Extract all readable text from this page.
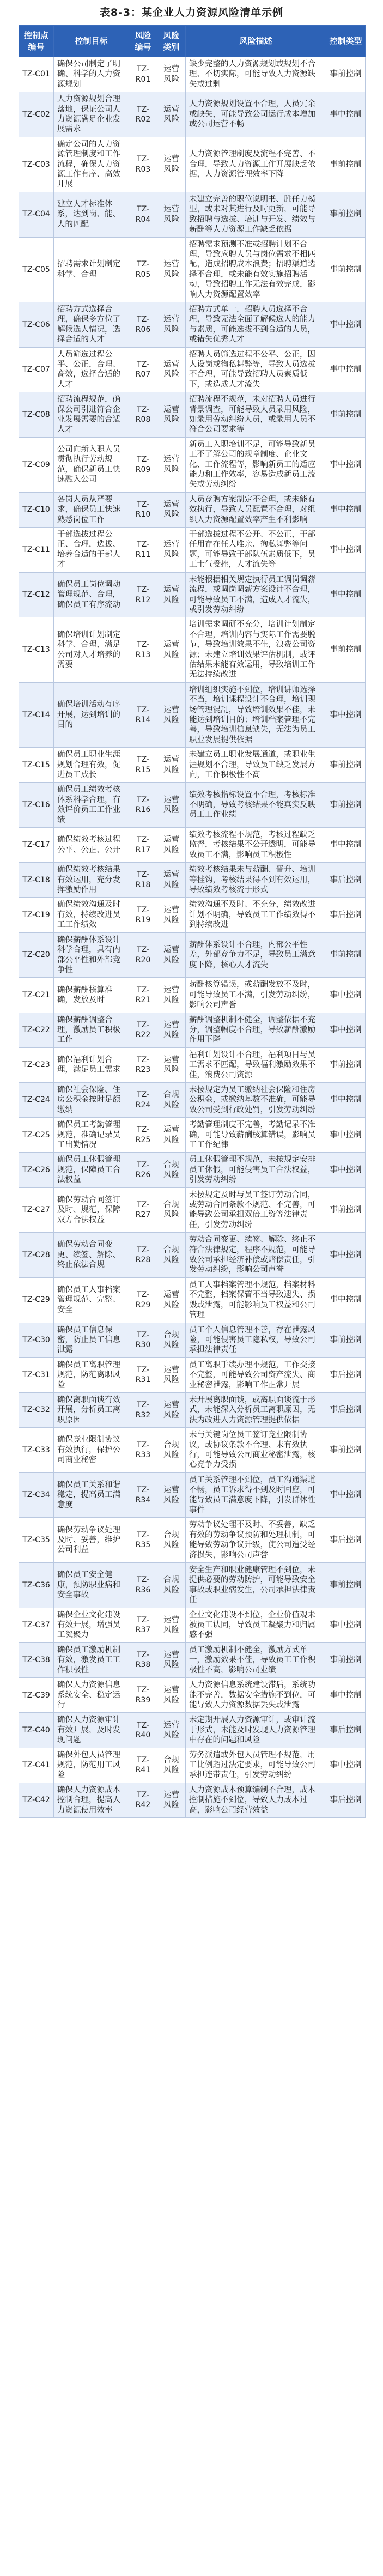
表8-3：某企业人力资源风险清单示例
控制点编号	控制目标	风险编号	风险类别	风险描述	控制类型
TZ-C01	确保公司制定了明确、科学的人力资源规划	TZ-R01	运营风险	缺少完整的人力资源规划或规划不合理、不切实际，可能导致人力资源缺失或过剩	事前控制
TZ-C02	人力资源规划合理落地，保证公司人力资源满足企业发展需求	TZ-R02	运营风险	人力资源规划设置不合理，人员冗余或缺失，可能导致公司运行成本增加或公司运营不畅	事中控制
TZ-C03	确定公司的人力资源管理制度和工作流程，确保人力资源工作有序、高效开展	TZ-R03	运营风险	人力资源管理制度及流程不完善、不合理，导致人力资源工作开展缺乏依据，人力资源管理效率下降	事前控制
TZ-C04	建立人才标准体系，达到岗、能、人的匹配	TZ-R04	运营风险	未建立完善的职位说明书、胜任力模型，或未对其进行及时更新，可能导致招聘与选拔、培训与开发、绩效与薪酬等人力资源工作缺乏依据	事前控制
TZ-C05	招聘需求计划制定科学、合理	TZ-R05	运营风险	招聘需求预测不准或招聘计划不合理，导致应聘人员与岗位需求不相匹配，造成招聘成本浪费；招聘渠道选择不合理，或未能有效实施招聘活动，导致招聘工作无法有效完成，影响人力资源配置效率	事前控制
TZ-C06	招聘方式选择合理，确保多方位了解候选人情况，选择合适的人才	TZ-R06	运营风险	招聘方式单一，招聘人员选择不合理，导致无法全面了解候选人的能力与素质，可能选拔不到合适的人员，或错失优秀人才	事中控制
TZ-C07	人员筛选过程公平、公正，合理、高效，选择合适的人才	TZ-R07	运营风险	招聘人员筛选过程不公平、公正，因人设岗或徇私舞弊等，导致人员选拔不合理，可能导致招聘人员素质低下，或造成人才流失	事中控制
TZ-C08	招聘流程规范，确保公司引进符合企业发展需要的合适人才	TZ-R08	运营风险	招聘流程不规范，未对招聘人员进行背景调查，可能导致人员录用风险，如录用劳动纠纷人员，或录用人员不符合公司要求等	事前控制
TZ-C09	公司向新入职人员贯彻执行劳动规范，确保新员工快速融入公司	TZ-R09	运营风险	新员工入职培训不足，可能导致新员工不了解公司的规章制度、企业文化、工作流程等，影响新员工的适应能力和工作效率，容易造成新员工流失或劳动纠纷	事中控制
TZ-C10	各岗人员从严要求，确保员工快速熟悉岗位工作	TZ-R10	运营风险	人员竞聘方案制定不合理，或未能有效执行，导致人员配置不合理，对组织人力资源配置效率产生不利影响	事中控制
TZ-C11	干部选拔过程公正、合理，选拔、培养合适的干部人才	TZ-R11	运营风险	干部选拔过程不公开、不公正，干部任用存在任人唯亲、徇私舞弊等问题，可能导致干部队伍素质低下，员工士气受挫，人才流失等	事中控制
TZ-C12	确保员工岗位调动管理规范、合理，确保员工有序流动	TZ-R12	运营风险	未能根据相关规定执行员工调岗调薪流程，或调岗调薪方案设计不合理，可能导致员工不满，造成人才流失，或引发劳动纠纷	事中控制
TZ-C13	确保培训计划制定科学、合理，满足公司对人才培养的需要	TZ-R13	运营风险	培训需求调研不充分，培训计划制定不合理，培训内容与实际工作需要脱节，导致培训效果不佳，浪费公司资源；未建立培训效果评估机制，或评估结果未能有效运用，导致培训工作无法持续改进	事前控制
TZ-C14	确保培训活动有序开展，达到培训的目的	TZ-R14	运营风险	培训组织实施不到位，培训讲师选择不当，培训课程设计不合理，培训现场管理混乱，导致培训效果不佳，未能达到培训目的；培训档案管理不完善，导致培训信息缺失，无法为员工职业发展提供依据	事中控制
TZ-C15	确保员工职业生涯规划合理有效，促进员工成长	TZ-R15	运营风险	未建立员工职业发展通道，或职业生涯规划不合理，导致员工缺乏发展方向，工作积极性不高	事前控制
TZ-C16	确保员工绩效考核体系科学合理，有效评价员工工作业绩	TZ-R16	运营风险	绩效考核指标设置不合理，考核标准不明确，导致考核结果不能真实反映员工工作业绩	事前控制
TZ-C17	确保绩效考核过程公平、公正、公开	TZ-R17	运营风险	绩效考核流程不规范，考核过程缺乏监督，考核结果不公开透明，可能导致员工不满，影响员工积极性	事中控制
TZ-C18	确保绩效考核结果有效运用，充分发挥激励作用	TZ-R18	运营风险	绩效考核结果未与薪酬、晋升、培训等挂钩，考核结果得不到有效运用，导致绩效考核流于形式	事后控制
TZ-C19	确保绩效沟通及时有效，持续改进员工工作绩效	TZ-R19	运营风险	绩效沟通不及时、不充分，绩效改进计划不明确，导致员工工作绩效得不到持续改进	事后控制
TZ-C20	确保薪酬体系设计科学合理，具有内部公平性和外部竞争性	TZ-R20	运营风险	薪酬体系设计不合理，内部公平性差，外部竞争力不足，导致员工满意度下降，核心人才流失	事前控制
TZ-C21	确保薪酬核算准确，发放及时	TZ-R21	运营风险	薪酬核算错误，或薪酬发放不及时，可能导致员工不满，引发劳动纠纷，影响公司声誉	事中控制
TZ-C22	确保薪酬调整合理，激励员工积极工作	TZ-R22	运营风险	薪酬调整机制不健全，调整依据不充分，调整幅度不合理，导致薪酬激励作用下降	事中控制
TZ-C23	确保福利计划合理，满足员工需求	TZ-R23	运营风险	福利计划设计不合理，福利项目与员工需求不匹配，导致福利激励效果不佳，浪费公司资源	事前控制
TZ-C24	确保社会保险、住房公积金按时足额缴纳	TZ-R24	合规风险	未按规定为员工缴纳社会保险和住房公积金，或缴纳基数不准确，可能导致公司受到行政处罚，引发劳动纠纷	事中控制
TZ-C25	确保员工考勤管理规范，准确记录员工出勤情况	TZ-R25	运营风险	考勤管理制度不完善，考勤记录不准确，可能导致薪酬核算错误，影响员工工作纪律	事中控制
TZ-C26	确保员工休假管理规范，保障员工合法权益	TZ-R26	合规风险	员工休假管理不规范，未按规定安排员工休假，可能侵害员工合法权益，引发劳动纠纷	事中控制
TZ-C27	确保劳动合同签订及时、规范，保障双方合法权益	TZ-R27	合规风险	未按规定及时与员工签订劳动合同，或劳动合同条款不规范、不完善，可能导致公司承担双倍工资等法律责任，引发劳动纠纷	事前控制
TZ-C28	确保劳动合同变更、续签、解除、终止依法合规	TZ-R28	合规风险	劳动合同变更、续签、解除、终止不符合法律规定，程序不规范，可能导致公司承担经济补偿或赔偿责任，引发劳动纠纷，影响公司声誉	事中控制
TZ-C29	确保员工人事档案管理规范、完整、安全	TZ-R29	运营风险	员工人事档案管理不规范，档案材料不完整，档案保管不当导致遗失、损毁或泄露，可能影响员工权益和公司管理	事中控制
TZ-C30	确保员工信息保密，防止员工信息泄露	TZ-R30	合规风险	员工个人信息管理不善，存在泄露风险，可能侵害员工隐私权，导致公司承担法律责任	事前控制
TZ-C31	确保员工离职管理规范，防范离职风险	TZ-R31	运营风险	员工离职手续办理不规范，工作交接不完整，可能导致公司资产流失、商业秘密泄露，影响工作正常开展	事后控制
TZ-C32	确保离职面谈有效开展，分析员工离职原因	TZ-R32	运营风险	未开展离职面谈，或离职面谈流于形式，未能深入分析员工离职原因，无法为改进人力资源管理提供依据	事后控制
TZ-C33	确保竞业限制协议有效执行，保护公司商业秘密	TZ-R33	合规风险	未与关键岗位员工签订竞业限制协议，或协议条款不合理、未有效执行，可能导致公司商业秘密泄露，核心竞争力受损	事前控制
TZ-C34	确保员工关系和谐稳定，提高员工满意度	TZ-R34	运营风险	员工关系管理不到位，员工沟通渠道不畅，员工诉求得不到及时回应，可能导致员工满意度下降，引发群体性事件	事中控制
TZ-C35	确保劳动争议处理及时、妥善，维护公司利益	TZ-R35	合规风险	劳动争议处理不及时、不妥善，缺乏有效的劳动争议预防和处理机制，可能导致劳动争议升级，使公司遭受经济损失，影响公司声誉	事后控制
TZ-C36	确保员工安全健康，预防职业病和安全事故	TZ-R36	合规风险	安全生产和职业健康管理不到位，未提供必要的劳动防护，可能导致安全事故或职业病发生，公司承担法律责任	事前控制
TZ-C37	确保企业文化建设有效开展，增强员工凝聚力	TZ-R37	运营风险	企业文化建设不到位，企业价值观未被员工认同，导致员工凝聚力和归属感不强	事中控制
TZ-C38	确保员工激励机制有效，激发员工工作积极性	TZ-R38	运营风险	员工激励机制不健全，激励方式单一，激励效果不佳，导致员工工作积极性不高，影响公司业绩	事前控制
TZ-C39	确保人力资源信息系统安全、稳定运行	TZ-R39	运营风险	人力资源信息系统建设滞后，系统功能不完善，数据安全措施不到位，可能导致人力资源数据丢失或泄露	事中控制
TZ-C40	确保人力资源审计有效开展，及时发现问题	TZ-R40	运营风险	未定期开展人力资源审计，或审计流于形式，未能及时发现人力资源管理中存在的问题和风险	事后控制
TZ-C41	确保外包人员管理规范，防范用工风险	TZ-R41	合规风险	劳务派遣或外包人员管理不规范，用工比例超过法定要求，可能导致公司承担连带责任，引发劳动纠纷	事中控制
TZ-C42	确保人力资源成本控制合理，提高人力资源使用效率	TZ-R42	运营风险	人力资源成本预算编制不合理，成本控制措施不到位，导致人力成本过高，影响公司经营效益	事后控制
